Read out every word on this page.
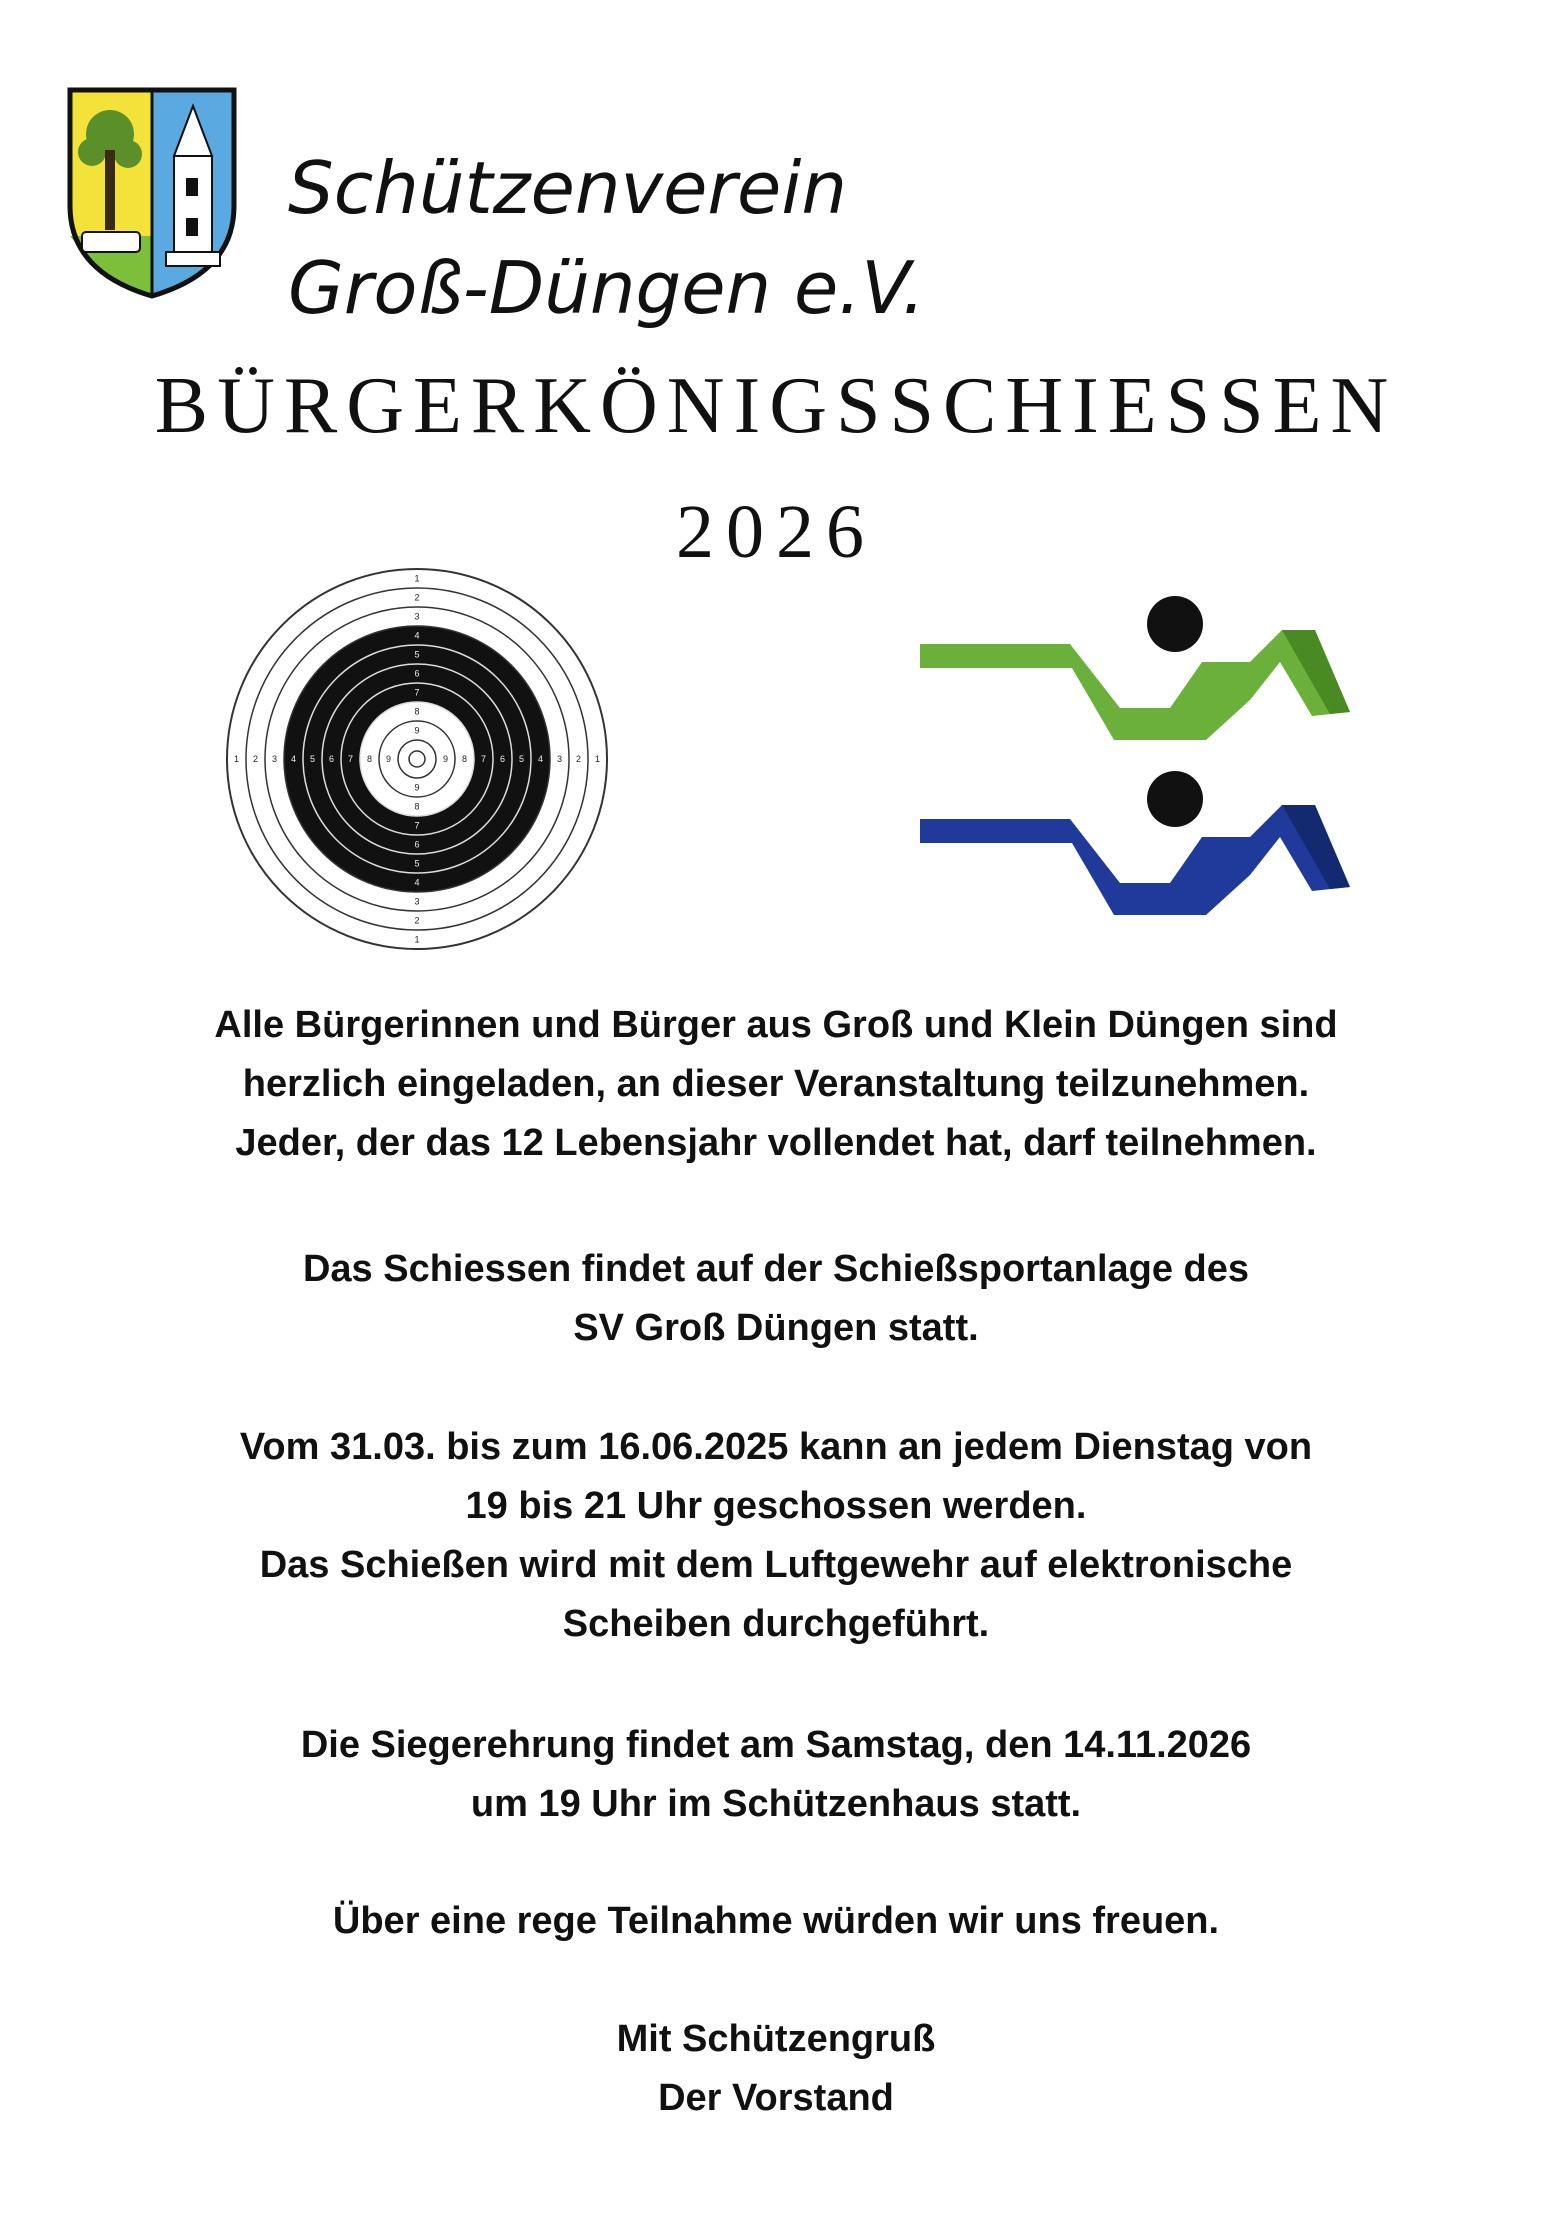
Schützenverein
Groß-Düngen e.V.
BÜRGERKÖNIGSSCHIESSEN
2026
1
1
1	1
2
2
2	2
3
3
3	3
4
4
4	4
5
5
5	5
6
6
6	6
7
7
7	7
8
8
8	8
9
9
9	9
Alle Bürgerinnen und Bürger aus Groß und Klein Düngen sind
herzlich eingeladen, an dieser Veranstaltung teilzunehmen.
Jeder, der das 12 Lebensjahr vollendet hat, darf teilnehmen.
Das Schiessen findet auf der Schießsportanlage des
SV Groß Düngen statt.
Vom 31.03. bis zum 16.06.2025 kann an jedem Dienstag von
19 bis 21 Uhr geschossen werden.
Das Schießen wird mit dem Luftgewehr auf elektronische
Scheiben durchgeführt.
Die Siegerehrung findet am Samstag, den 14.11.2026
um 19 Uhr im Schützenhaus statt.
Über eine rege Teilnahme würden wir uns freuen.
Mit Schützengruß
Der Vorstand
